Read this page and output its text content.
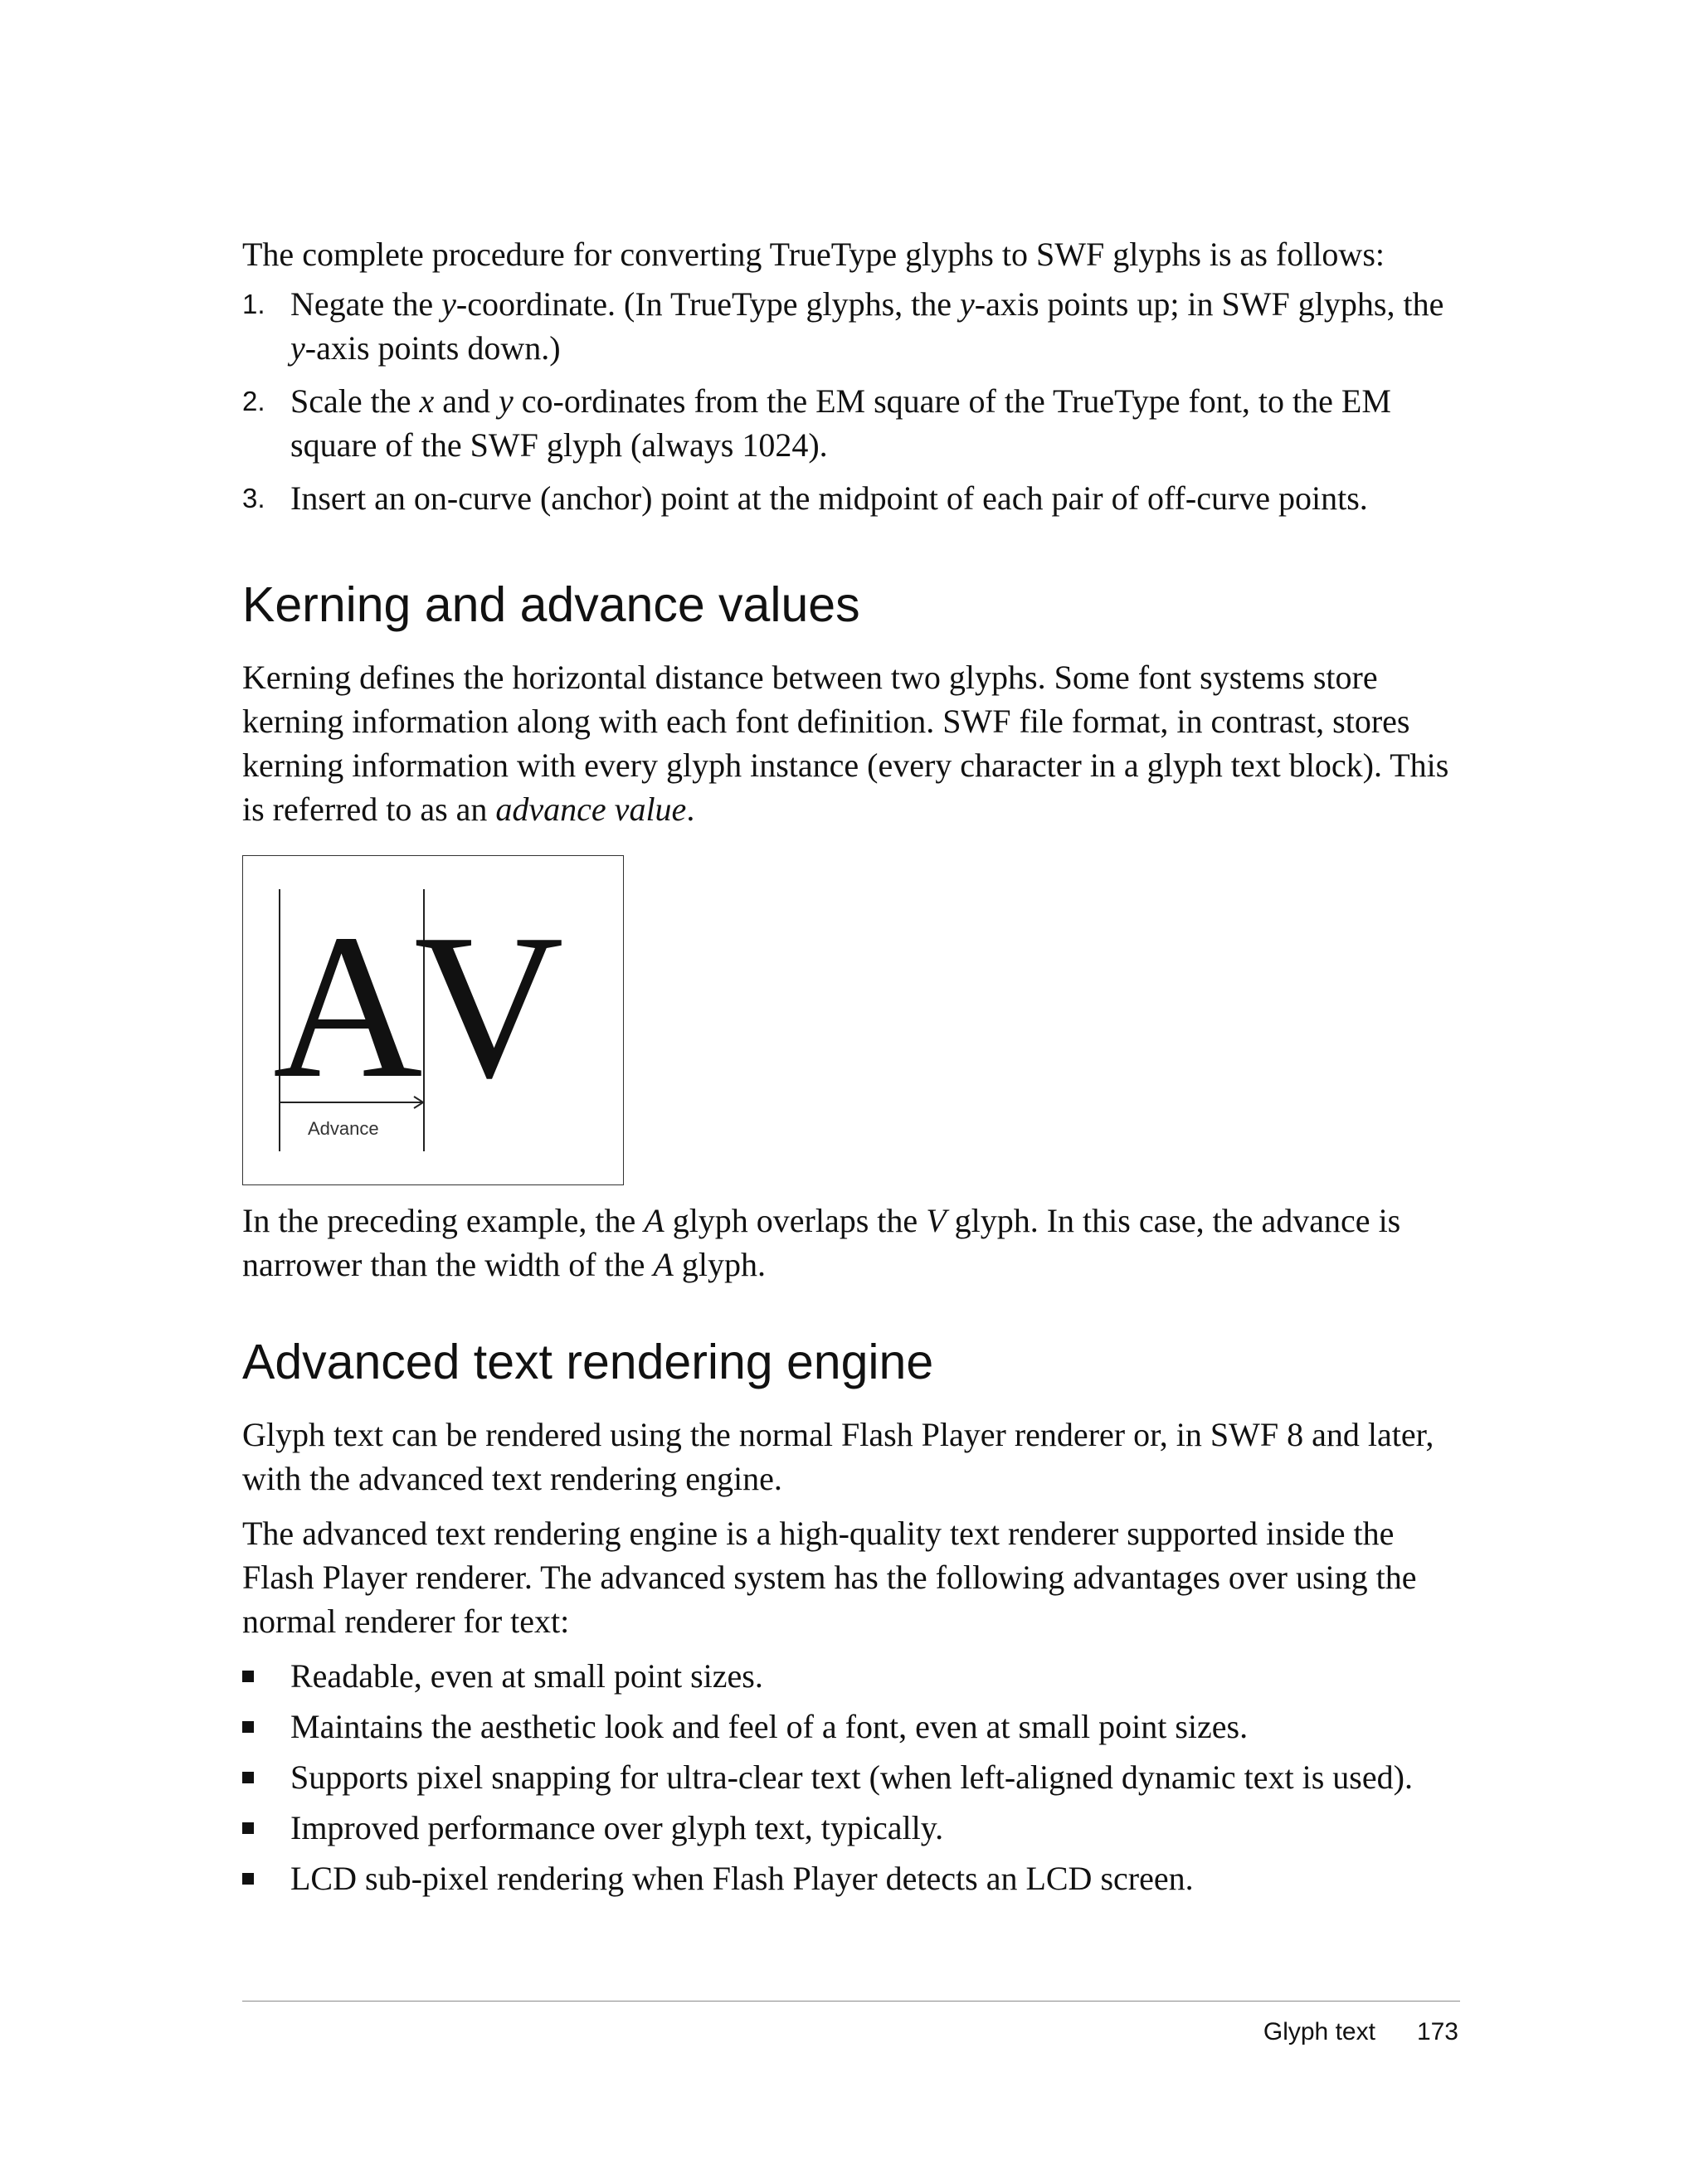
The complete procedure for converting TrueType glyphs to SWF glyphs is as follows:

1. Negate the y-coordinate. (In TrueType glyphs, the y-axis points up; in SWF glyphs, the y-axis points down.)
2. Scale the x and y co-ordinates from the EM square of the TrueType font, to the EM square of the SWF glyph (always 1024).
3. Insert an on-curve (anchor) point at the midpoint of each pair of off-curve points.
Kerning and advance values

Kerning defines the horizontal distance between two glyphs. Some font systems store kerning information along with each font definition. SWF file format, in contrast, stores kerning information with every glyph instance (every character in a glyph text block). This is referred to as an advance value.

A
V
Advance

In the preceding example, the A glyph overlaps the V glyph. In this case, the advance is narrower than the width of the A glyph.

Advanced text rendering engine

Glyph text can be rendered using the normal Flash Player renderer or, in SWF 8 and later, with the advanced text rendering engine.

The advanced text rendering engine is a high-quality text renderer supported inside the Flash Player renderer. The advanced system has the following advantages over using the normal renderer for text:

Readable, even at small point sizes.
Maintains the aesthetic look and feel of a font, even at small point sizes.
Supports pixel snapping for ultra-clear text (when left-aligned dynamic text is used).
Improved performance over glyph text, typically.
LCD sub-pixel rendering when Flash Player detects an LCD screen.
Glyph text 173
